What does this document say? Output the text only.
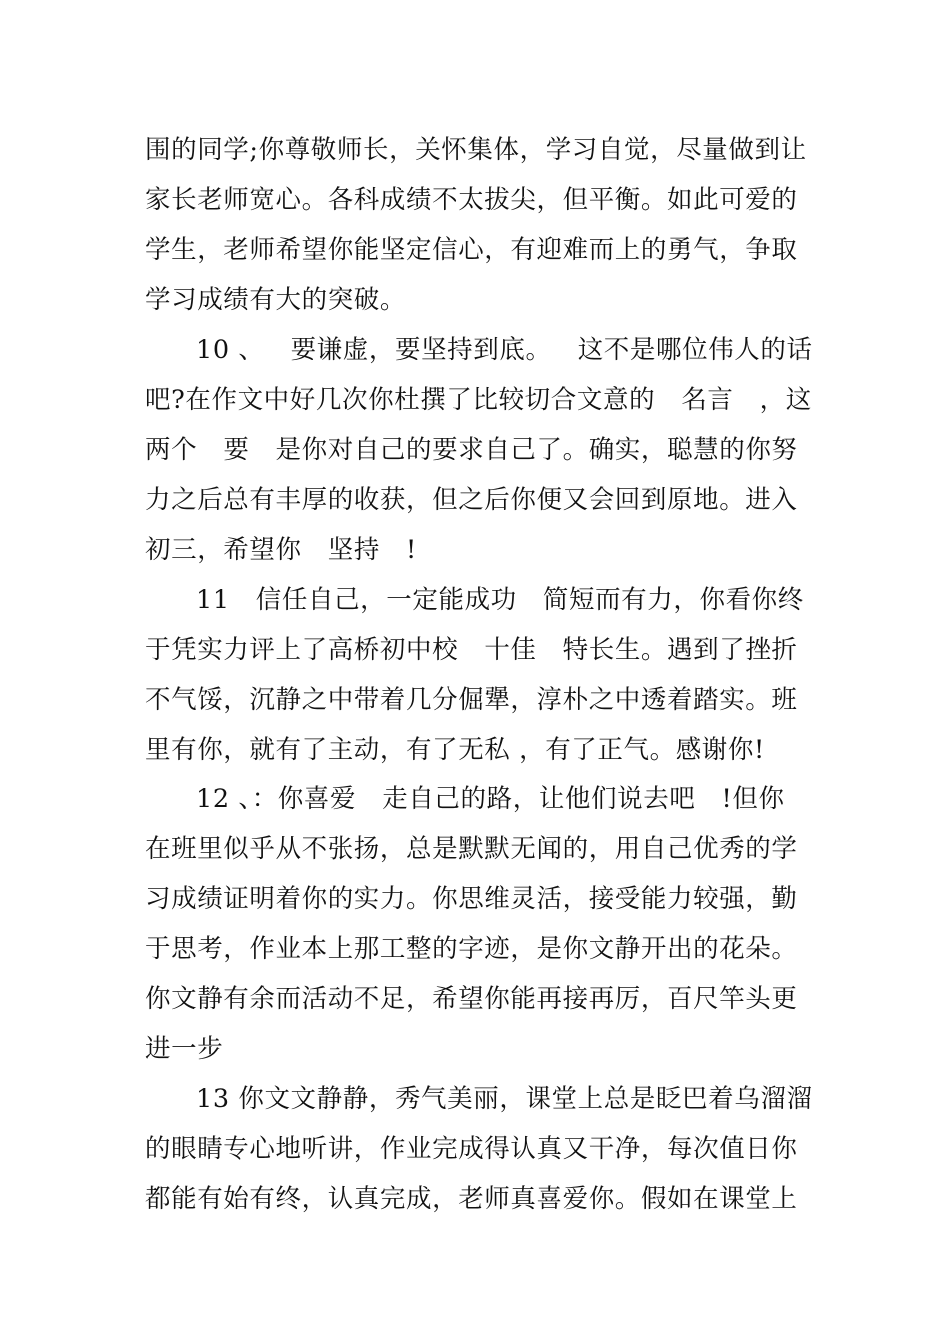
围的同学;你尊敬师长，关怀集体，学习自觉，尽量做到让
家长老师宽心。各科成绩不太拔尖，但平衡。如此可爱的
学生，老师希望你能坚定信心，有迎难而上的勇气，争取
学习成绩有大的突破。
10 、   要谦虚，要坚持到底。   这不是哪位伟人的话
吧?在作文中好几次你杜撰了比较切合文意的   名言   ，这
两个   要   是你对自己的要求自己了。确实，聪慧的你努
力之后总有丰厚的收获，但之后你便又会回到原地。进入
初三，希望你   坚持   !
11   信任自己，一定能成功   简短而有力，你看你终
于凭实力评上了高桥初中校   十佳   特长生。遇到了挫折
不气馁，沉静之中带着几分倔犟，淳朴之中透着踏实。班
里有你，就有了主动，有了无私 ，有了正气。感谢你!
12 、：你喜爱   走自己的路，让他们说去吧   !但你
在班里似乎从不张扬，总是默默无闻的，用自己优秀的学
习成绩证明着你的实力。你思维灵活，接受能力较强，勤
于思考，作业本上那工整的字迹，是你文静开出的花朵。
你文静有余而活动不足，希望你能再接再厉，百尺竿头更
进一步
13 你文文静静，秀气美丽，课堂上总是眨巴着乌溜溜
的眼睛专心地听讲，作业完成得认真又干净，每次值日你
都能有始有终，认真完成，老师真喜爱你。假如在课堂上
